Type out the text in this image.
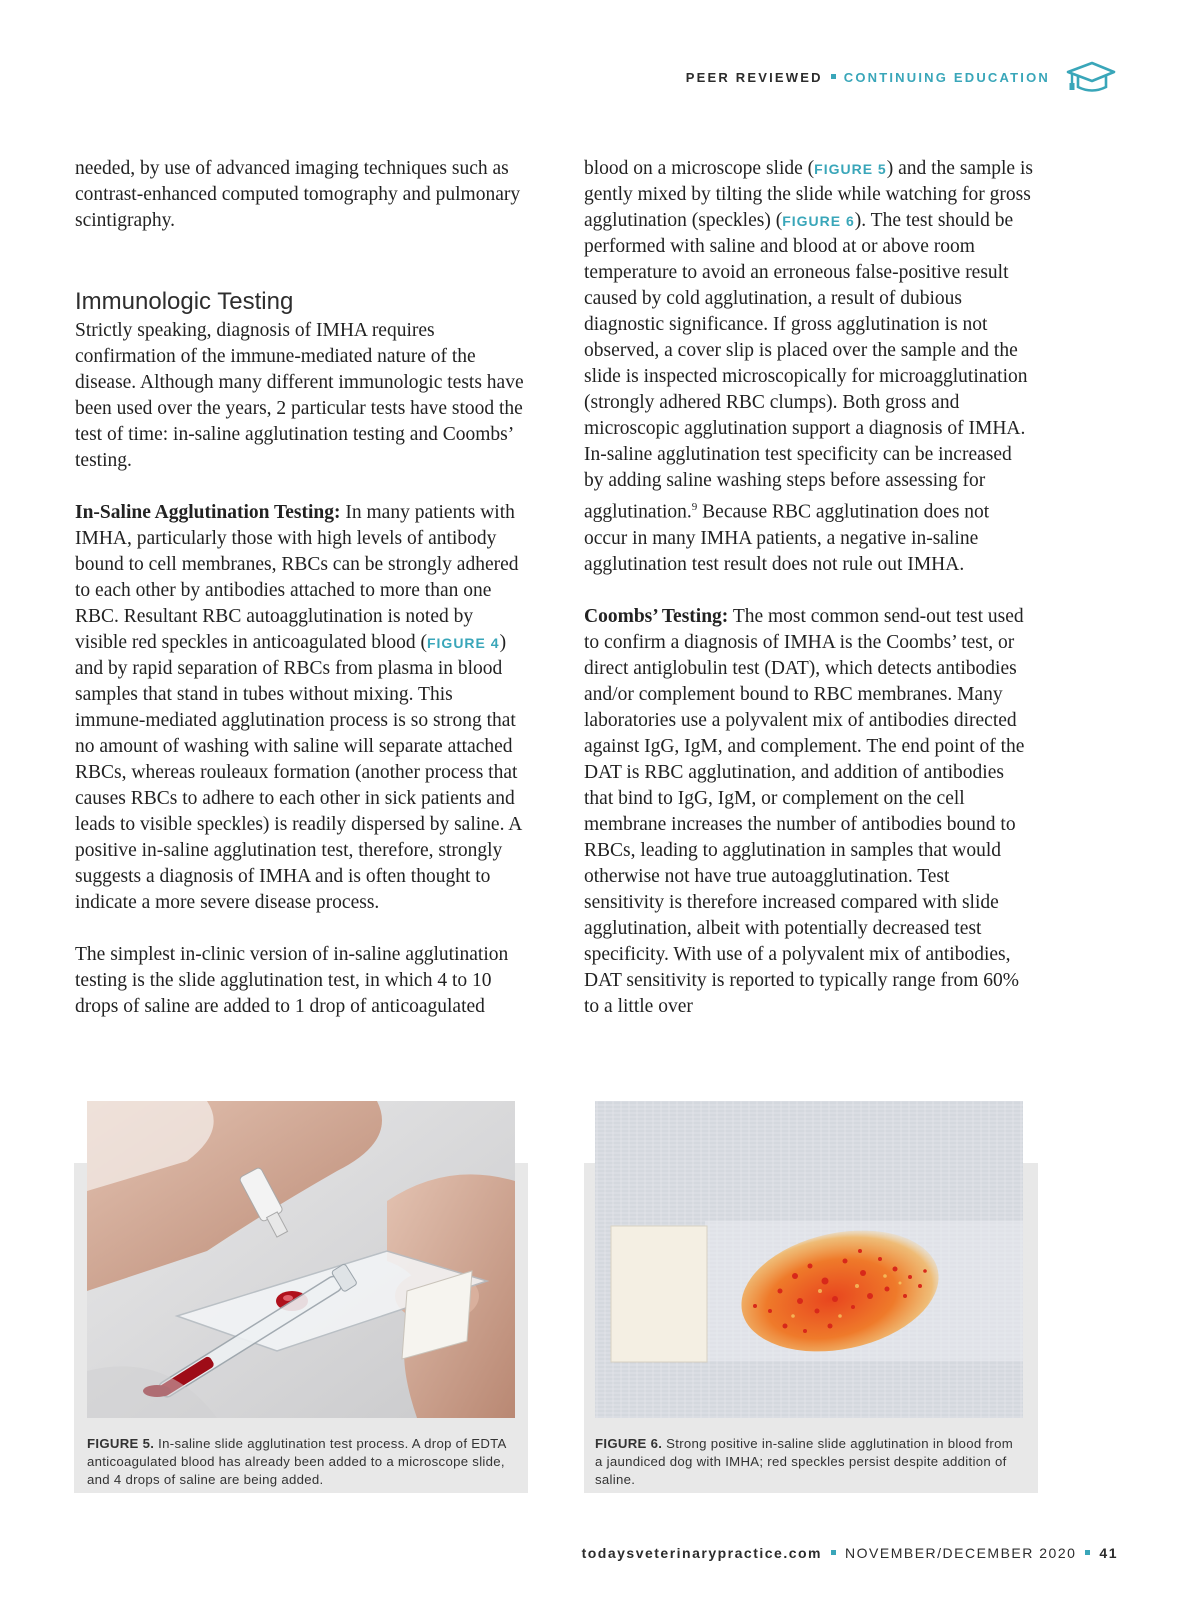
PEER REVIEWED CONTINUING EDUCATION

needed, by use of advanced imaging techniques such as contrast-enhanced computed tomography and pulmonary scintigraphy.

Immunologic Testing

Strictly speaking, diagnosis of IMHA requires confirmation of the immune-mediated nature of the disease. Although many different immunologic tests have been used over the years, 2 particular tests have stood the test of time: in-saline agglutination testing and Coombs’ testing.

In-Saline Agglutination Testing: In many patients with IMHA, particularly those with high levels of antibody bound to cell membranes, RBCs can be strongly adhered to each other by antibodies attached to more than one RBC. Resultant RBC autoagglutination is noted by visible red speckles in anticoagulated blood (FIGURE 4) and by rapid separation of RBCs from plasma in blood samples that stand in tubes without mixing. This immune-mediated agglutination process is so strong that no amount of washing with saline will separate attached RBCs, whereas rouleaux formation (another process that causes RBCs to adhere to each other in sick patients and leads to visible speckles) is readily dispersed by saline. A positive in-saline agglutination test, therefore, strongly suggests a diagnosis of IMHA and is often thought to indicate a more severe disease process.

The simplest in-clinic version of in-saline agglutination testing is the slide agglutination test, in which 4 to 10 drops of saline are added to 1 drop of anticoagulated

blood on a microscope slide (FIGURE 5) and the sample is gently mixed by tilting the slide while watching for gross agglutination (speckles) (FIGURE 6). The test should be performed with saline and blood at or above room temperature to avoid an erroneous false-positive result caused by cold agglutination, a result of dubious diagnostic significance. If gross agglutination is not observed, a cover slip is placed over the sample and the slide is inspected microscopically for microagglutination (strongly adhered RBC clumps). Both gross and microscopic agglutination support a diagnosis of IMHA. In-saline agglutination test specificity can be increased by adding saline washing steps before assessing for agglutination.$^9$ Because RBC agglutination does not occur in many IMHA patients, a negative in-saline agglutination test result does not rule out IMHA.

Coombs’ Testing: The most common send-out test used to confirm a diagnosis of IMHA is the Coombs’ test, or direct antiglobulin test (DAT), which detects antibodies and/or complement bound to RBC membranes. Many laboratories use a polyvalent mix of antibodies directed against IgG, IgM, and complement. The end point of the DAT is RBC agglutination, and addition of antibodies that bind to IgG, IgM, or complement on the cell membrane increases the number of antibodies bound to RBCs, leading to agglutination in samples that would otherwise not have true autoagglutination. Test sensitivity is therefore increased compared with slide agglutination, albeit with potentially decreased test specificity. With use of a polyvalent mix of antibodies, DAT sensitivity is reported to typically range from 60% to a little over

FIGURE 5. In-saline slide agglutination test process. A drop of EDTA anticoagulated blood has already been added to a microscope slide, and 4 drops of saline are being added.
FIGURE 6. Strong positive in-saline slide agglutination in blood from a jaundiced dog with IMHA; red speckles persist despite addition of saline.
todaysveterinarypractice.com NOVEMBER/DECEMBER 2020 41
